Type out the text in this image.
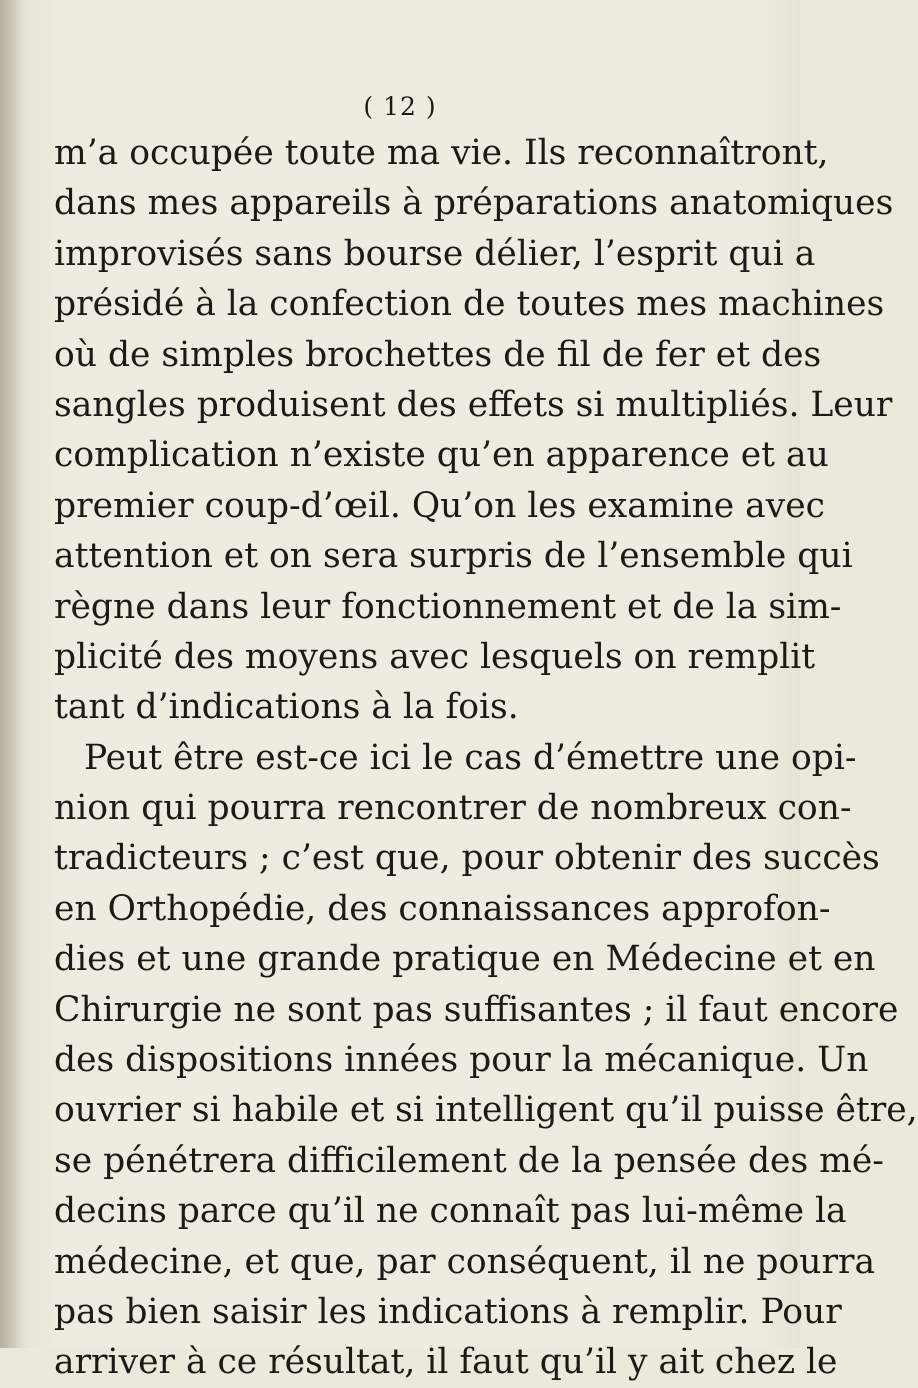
( 12 )
m’a occupée toute ma vie. Ils reconnaîtront,
dans mes appareils à préparations anatomiques
improvisés sans bourse délier, l’esprit qui a
présidé à la confection de toutes mes machines
où de simples brochettes de fil de fer et des
sangles produisent des effets si multipliés. Leur
complication n’existe qu’en apparence et au
premier coup-d’œil. Qu’on les examine avec
attention et on sera surpris de l’ensemble qui
règne dans leur fonctionnement et de la sim-
plicité des moyens avec lesquels on remplit
tant d’indications à la fois.
Peut être est-ce ici le cas d’émettre une opi-
nion qui pourra rencontrer de nombreux con-
tradicteurs ; c’est que, pour obtenir des succès
en Orthopédie, des connaissances approfon-
dies et une grande pratique en Médecine et en
Chirurgie ne sont pas suffisantes ; il faut encore
des dispositions innées pour la mécanique. Un
ouvrier si habile et si intelligent qu’il puisse être,
se pénétrera difficilement de la pensée des mé-
decins parce qu’il ne connaît pas lui-même la
médecine, et que, par conséquent, il ne pourra
pas bien saisir les indications à remplir. Pour
arriver à ce résultat, il faut qu’il y ait chez le
